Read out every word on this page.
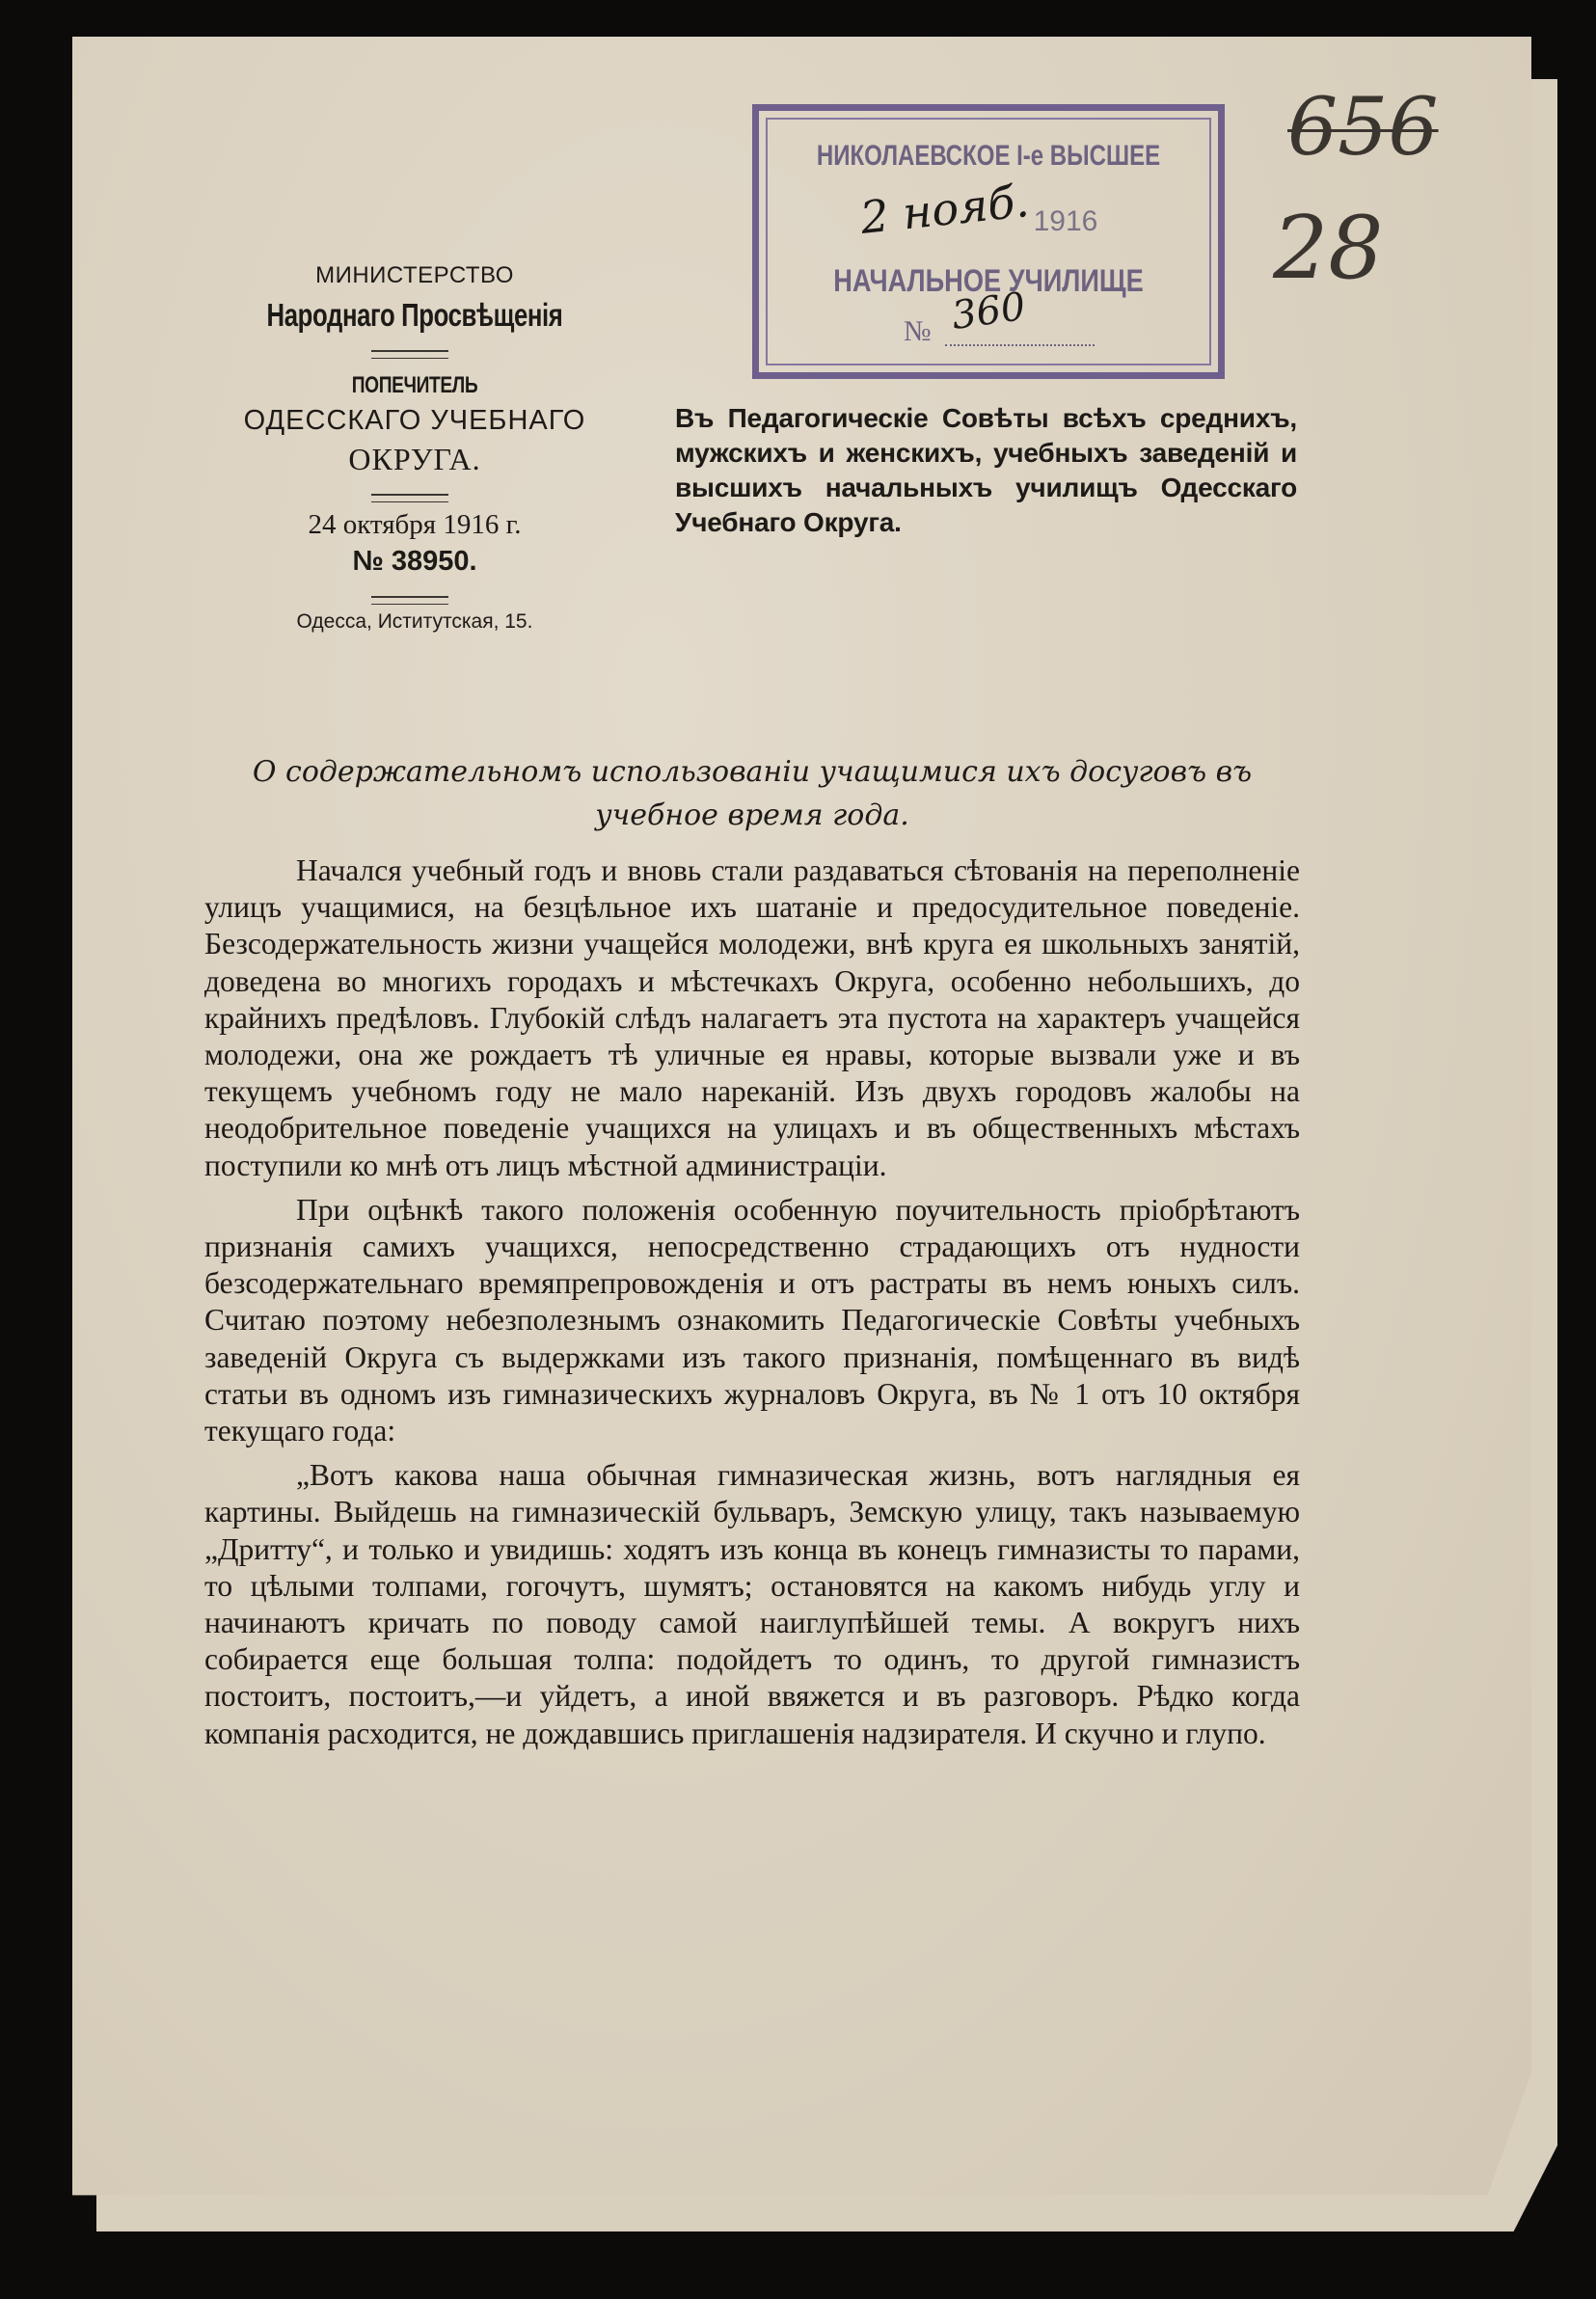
МИНИСТЕРСТВО
Народнаго Просвѣщенія
ПОПЕЧИТЕЛЬ
ОДЕССКАГО УЧЕБНАГО
ОКРУГА.
24 октября 1916 г.
№ 38950.
Одесса, Иститутская, 15.
НИКОЛАЕВСКОЕ І-е ВЫСШЕЕ
1916
НАЧАЛЬНОЕ УЧИЛИЩЕ
№
2 нояб.
360
656
28
Въ Педагогическіе Совѣты всѣхъ среднихъ, мужскихъ и женскихъ, учебныхъ заведеній и высшихъ начальныхъ училищъ Одесскаго Учебнаго Округа.
О содержательномъ использованіи учащимися ихъ досуговъ въ учебное время года.

Начался учебный годъ и вновь стали раздаваться сѣтованія на переполненіе улицъ учащимися, на безцѣльное ихъ шатаніе и предосудительное поведеніе. Безсодержательность жизни учащейся молодежи, внѣ круга ея школьныхъ занятій, доведена во многихъ городахъ и мѣстечкахъ Округа, особенно небольшихъ, до крайнихъ предѣловъ. Глубокій слѣдъ налагаетъ эта пустота на характеръ учащейся молодежи, она же рождаетъ тѣ уличные ея нравы, которые вызвали уже и въ текущемъ учебномъ году не мало нареканій. Изъ двухъ городовъ жалобы на неодобрительное поведеніе учащихся на улицахъ и въ общественныхъ мѣстахъ поступили ко мнѣ отъ лицъ мѣстной администраціи.

При оцѣнкѣ такого положенія особенную поучительность пріобрѣтаютъ признанія самихъ учащихся, непосредственно страдающихъ отъ нудности безсодержательнаго времяпрепровожденія и отъ растраты въ немъ юныхъ силъ. Считаю поэтому небезполезнымъ ознакомить Педагогическіе Совѣты учебныхъ заведеній Округа съ выдержками изъ такого признанія, помѣщеннаго въ видѣ статьи въ одномъ изъ гимназическихъ журналовъ Округа, въ № 1 отъ 10 октября текущаго года:

„Вотъ какова наша обычная гимназическая жизнь, вотъ наглядныя ея картины. Выйдешь на гимназическій бульваръ, Земскую улицу, такъ называемую „Дритту“, и только и увидишь: ходятъ изъ конца въ конецъ гимназисты то парами, то цѣлыми толпами, гогочутъ, шумятъ; остановятся на какомъ нибудь углу и начинаютъ кричать по поводу самой наиглупѣйшей темы. А вокругъ нихъ собирается еще большая толпа: подойдетъ то одинъ, то другой гимназистъ постоитъ, постоитъ,—и уйдетъ, а иной ввяжется и въ разговоръ. Рѣдко когда компанія расходится, не дождавшись приглашенія надзирателя. И скучно и глупо.
